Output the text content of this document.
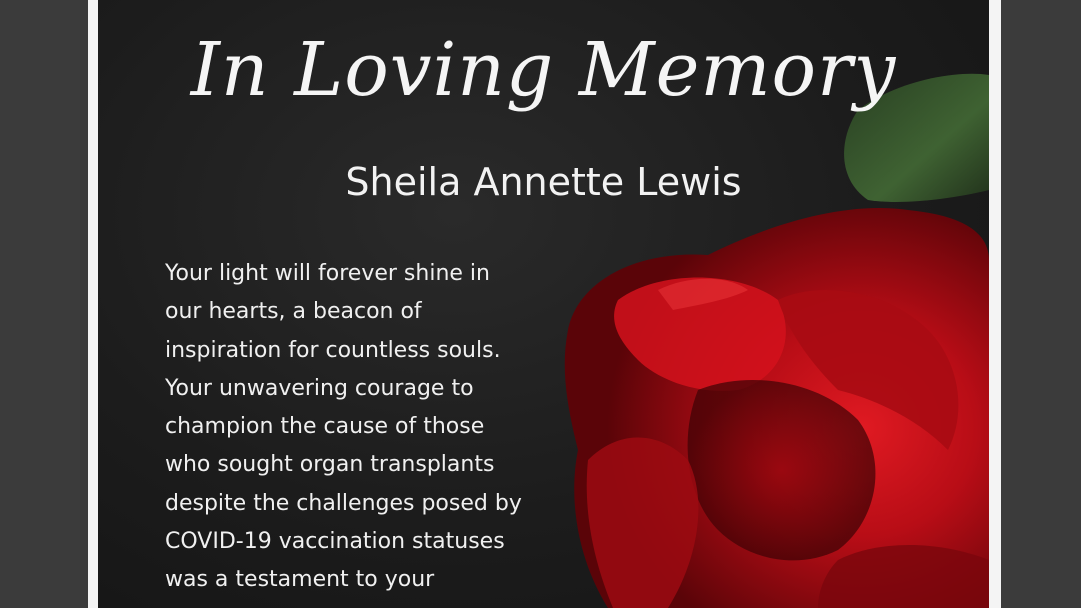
In Loving Memory
Sheila Annette Lewis
Your light will forever shine in
our hearts, a beacon of
inspiration for countless souls.
Your unwavering courage to
champion the cause of those
who sought organ transplants
despite the challenges posed by
COVID-19 vaccination statuses
was a testament to your
